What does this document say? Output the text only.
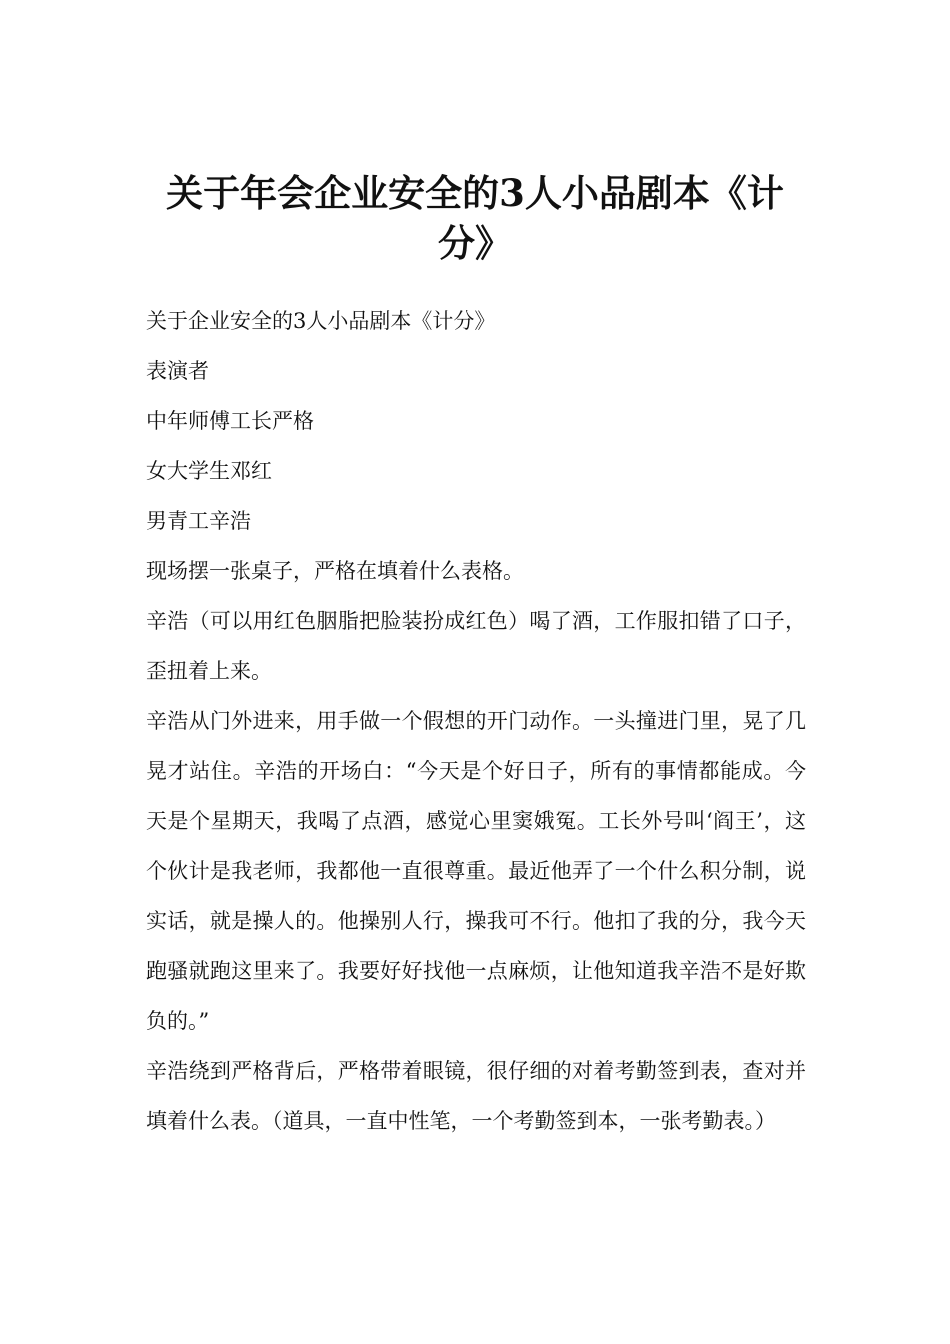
关于年会企业安全的3人小品剧本《计分》

关于企业安全的3人小品剧本《计分》

表演者

中年师傅工长严格

女大学生邓红

男青工辛浩

现场摆一张桌子，严格在填着什么表格。

辛浩（可以用红色胭脂把脸装扮成红色）喝了酒，工作服扣错了口子，歪扭着上来。

辛浩从门外进来，用手做一个假想的开门动作。一头撞进门里，晃了几晃才站住。辛浩的开场白：“今天是个好日子，所有的事情都能成。今天是个星期天，我喝了点酒，感觉心里窦娥冤。工长外号叫‘阎王’，这个伙计是我老师，我都他一直很尊重。最近他弄了一个什么积分制，说实话，就是操人的。他操别人行，操我可不行。他扣了我的分，我今天跑骚就跑这里来了。我要好好找他一点麻烦，让他知道我辛浩不是好欺负的。”

辛浩绕到严格背后，严格带着眼镜，很仔细的对着考勤签到表，查对并填着什么表。（道具，一直中性笔，一个考勤签到本，一张考勤表。）
